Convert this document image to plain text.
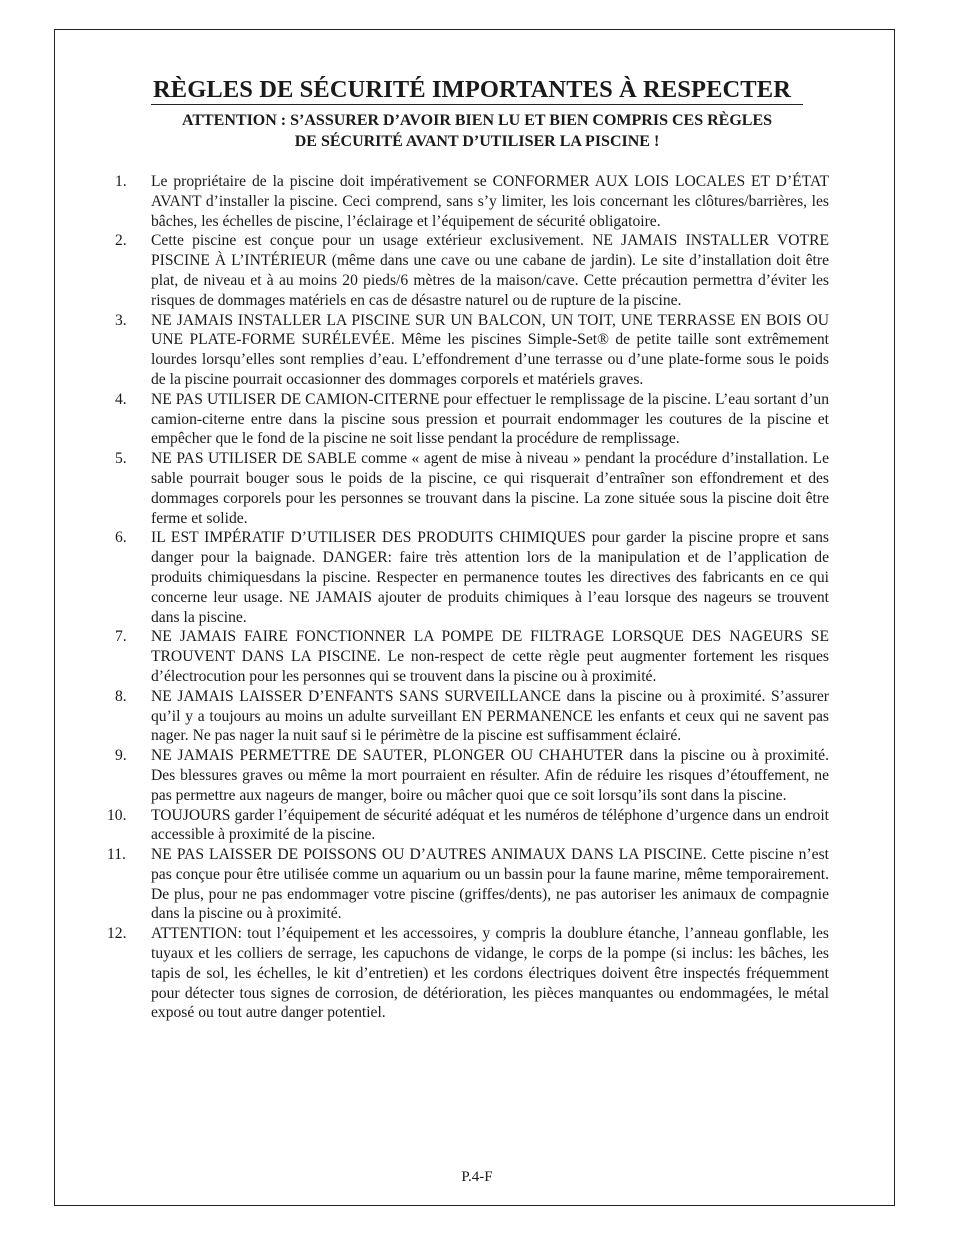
RÈGLES DE SÉCURITÉ IMPORTANTES À RESPECTER

ATTENTION : S’ASSURER D’AVOIR BIEN LU ET BIEN COMPRIS CES RÈGLES
DE SÉCURITÉ AVANT D’UTILISER LA PISCINE !

1. Le propriétaire de la piscine doit impérativement se CONFORMER AUX LOIS LOCALES ET D’ÉTAT AVANT d’installer la piscine. Ceci comprend, sans s’y limiter, les lois concernant les clôtures/barrières, les bâches, les échelles de piscine, l’éclairage et l’équipement de sécurité obligatoire.
2. Cette piscine est conçue pour un usage extérieur exclusivement. NE JAMAIS INSTALLER VOTRE PISCINE À L’INTÉRIEUR (même dans une cave ou une cabane de jardin). Le site d’installation doit être plat, de niveau et à au moins 20 pieds/6 mètres de la maison/cave. Cette précaution permettra d’éviter les risques de dommages matériels en cas de désastre naturel ou de rupture de la piscine.
3. NE JAMAIS INSTALLER LA PISCINE SUR UN BALCON, UN TOIT, UNE TERRASSE EN BOIS OU UNE PLATE-FORME SURÉLEVÉE. Même les piscines Simple-Set® de petite taille sont extrêmement lourdes lorsqu’elles sont remplies d’eau. L’effondrement d’une terrasse ou d’une plate-forme sous le poids de la piscine pourrait occasionner des dommages corporels et matériels graves.
4. NE PAS UTILISER DE CAMION-CITERNE pour effectuer le remplissage de la piscine. L’eau sortant d’un camion-citerne entre dans la piscine sous pression et pourrait endommager les coutures de la piscine et empêcher que le fond de la piscine ne soit lisse pendant la procédure de remplissage.
5. NE PAS UTILISER DE SABLE comme « agent de mise à niveau » pendant la procédure d’installation. Le sable pourrait bouger sous le poids de la piscine, ce qui risquerait d’entraîner son effondrement et des dommages corporels pour les personnes se trouvant dans la piscine. La zone située sous la piscine doit être ferme et solide.
6. IL EST IMPÉRATIF D’UTILISER DES PRODUITS CHIMIQUES pour garder la piscine propre et sans danger pour la baignade. DANGER: faire très attention lors de la manipulation et de l’application de produits chimiquesdans la piscine. Respecter en permanence toutes les directives des fabricants en ce qui concerne leur usage. NE JAMAIS ajouter de produits chimiques à l’eau lorsque des nageurs se trouvent dans la piscine.
7. NE JAMAIS FAIRE FONCTIONNER LA POMPE DE FILTRAGE LORSQUE DES NAGEURS SE TROUVENT DANS LA PISCINE. Le non-respect de cette règle peut augmenter fortement les risques d’électrocution pour les personnes qui se trouvent dans la piscine ou à proximité.
8. NE JAMAIS LAISSER D’ENFANTS SANS SURVEILLANCE dans la piscine ou à proximité. S’assurer qu’il y a toujours au moins un adulte surveillant EN PERMANENCE les enfants et ceux qui ne savent pas nager. Ne pas nager la nuit sauf si le périmètre de la piscine est suffisamment éclairé.
9. NE JAMAIS PERMETTRE DE SAUTER, PLONGER OU CHAHUTER dans la piscine ou à proximité. Des blessures graves ou même la mort pourraient en résulter. Afin de réduire les risques d’étouffement, ne pas permettre aux nageurs de manger, boire ou mâcher quoi que ce soit lorsqu’ils sont dans la piscine.
10. TOUJOURS garder l’équipement de sécurité adéquat et les numéros de téléphone d’urgence dans un endroit accessible à proximité de la piscine.
11. NE PAS LAISSER DE POISSONS OU D’AUTRES ANIMAUX DANS LA PISCINE. Cette piscine n’est pas conçue pour être utilisée comme un aquarium ou un bassin pour la faune marine, même temporairement. De plus, pour ne pas endommager votre piscine (griffes/dents), ne pas autoriser les animaux de compagnie dans la piscine ou à proximité.
12. ATTENTION: tout l’équipement et les accessoires, y compris la doublure étanche, l’anneau gonflable, les tuyaux et les colliers de serrage, les capuchons de vidange, le corps de la pompe (si inclus: les bâches, les tapis de sol, les échelles, le kit d’entretien) et les cordons électriques doivent être inspectés fréquemment pour détecter tous signes de corrosion, de détérioration, les pièces manquantes ou endommagées, le métal exposé ou tout autre danger potentiel.

P.4-F
